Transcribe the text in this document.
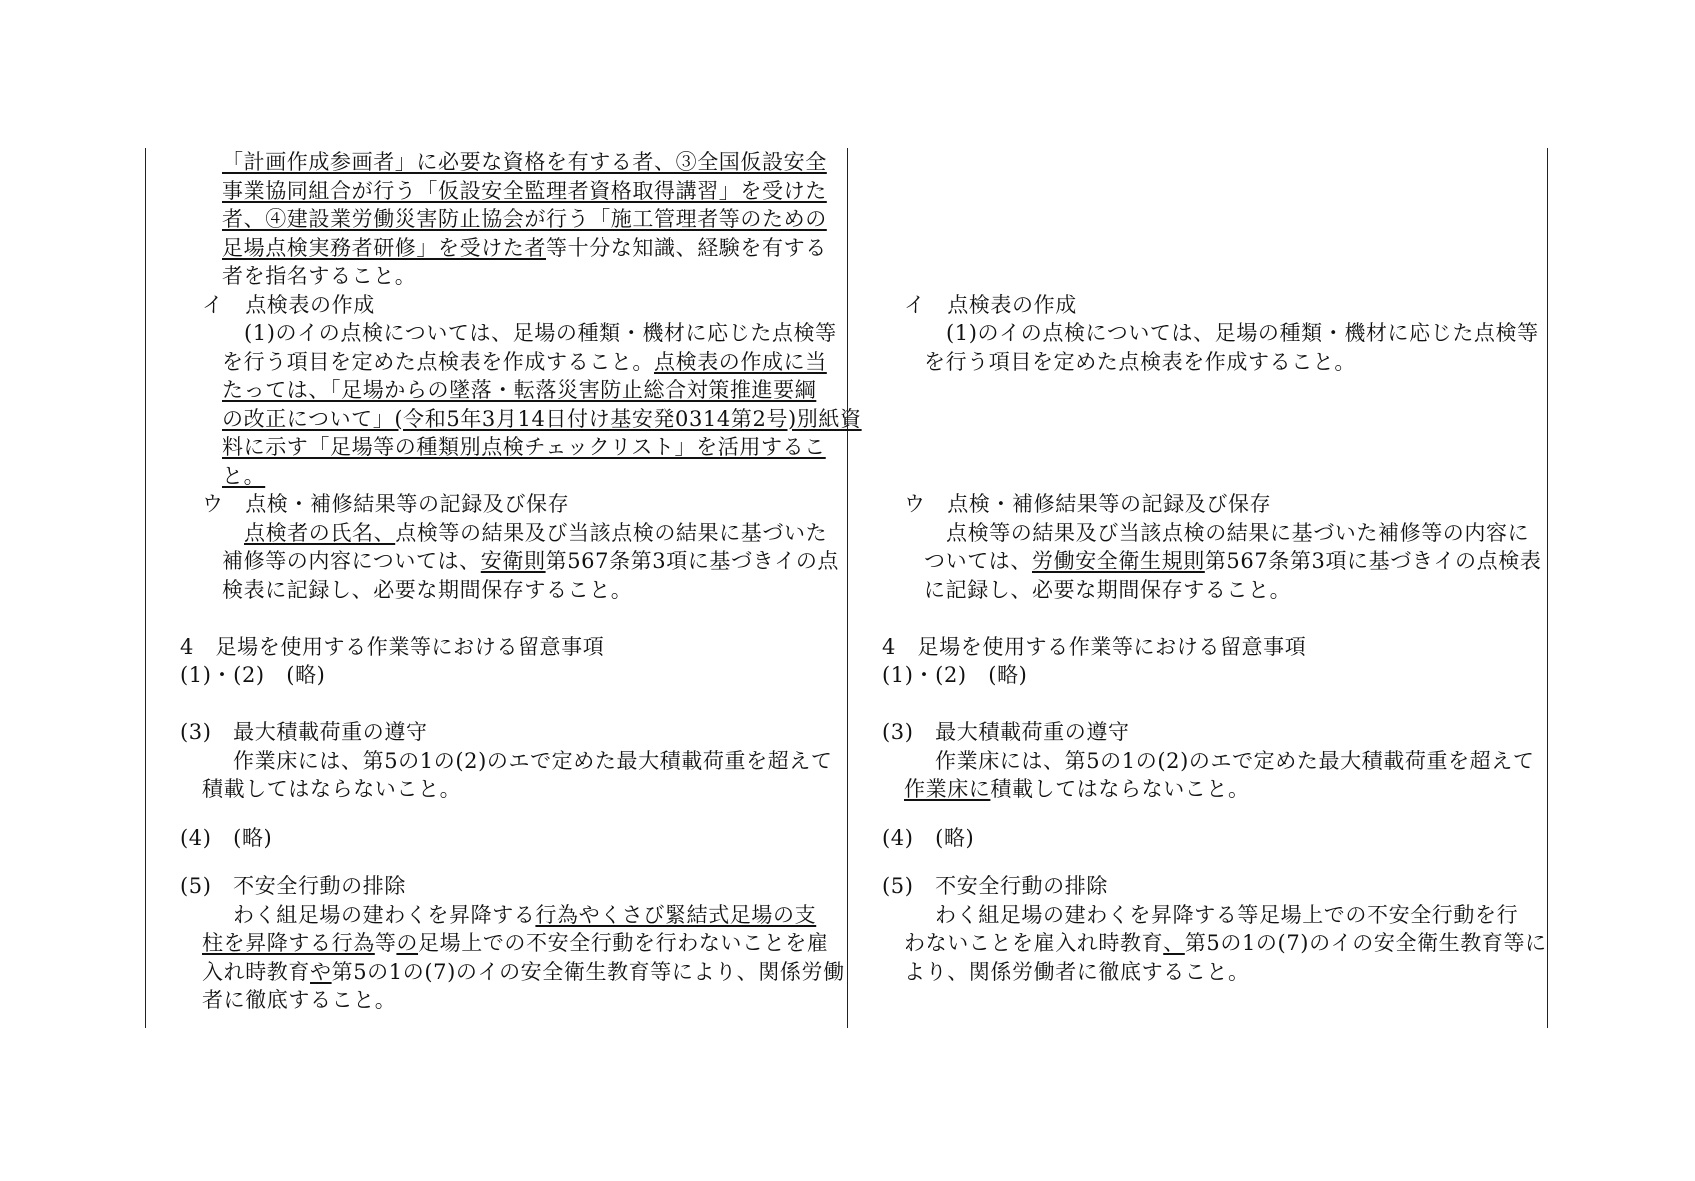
「計画作成参画者」に必要な資格を有する者、③全国仮設安全

事業協同組合が行う「仮設安全監理者資格取得講習」を受けた

者、④建設業労働災害防止協会が行う「施工管理者等のための

足場点検実務者研修」を受けた者等十分な知識、経験を有する

者を指名すること。

イ　点検表の作成

(1)のイの点検については、足場の種類・機材に応じた点検等

を行う項目を定めた点検表を作成すること。点検表の作成に当

たっては、「足場からの墜落・転落災害防止総合対策推進要綱

の改正について」(令和5年3月14日付け基安発0314第2号)別紙資

料に示す「足場等の種類別点検チェックリスト」を活用するこ

と。

ウ　点検・補修結果等の記録及び保存

点検者の氏名、点検等の結果及び当該点検の結果に基づいた

補修等の内容については、安衛則第567条第3項に基づきイの点

検表に記録し、必要な期間保存すること。

4　足場を使用する作業等における留意事項

(1)・(2)　(略)

(3)　最大積載荷重の遵守

作業床には、第5の1の(2)のエで定めた最大積載荷重を超えて

積載してはならないこと。

(4)　(略)

(5)　不安全行動の排除

わく組足場の建わくを昇降する行為やくさび緊結式足場の支

柱を昇降する行為等の足場上での不安全行動を行わないことを雇

入れ時教育や第5の1の(7)のイの安全衛生教育等により、関係労働

者に徹底すること。

イ　点検表の作成

(1)のイの点検については、足場の種類・機材に応じた点検等

を行う項目を定めた点検表を作成すること。

ウ　点検・補修結果等の記録及び保存

点検等の結果及び当該点検の結果に基づいた補修等の内容に

ついては、労働安全衛生規則第567条第3項に基づきイの点検表

に記録し、必要な期間保存すること。

4　足場を使用する作業等における留意事項

(1)・(2)　(略)

(3)　最大積載荷重の遵守

作業床には、第5の1の(2)のエで定めた最大積載荷重を超えて

作業床に積載してはならないこと。

(4)　(略)

(5)　不安全行動の排除

わく組足場の建わくを昇降する等足場上での不安全行動を行

わないことを雇入れ時教育、第5の1の(7)のイの安全衛生教育等に

より、関係労働者に徹底すること。
